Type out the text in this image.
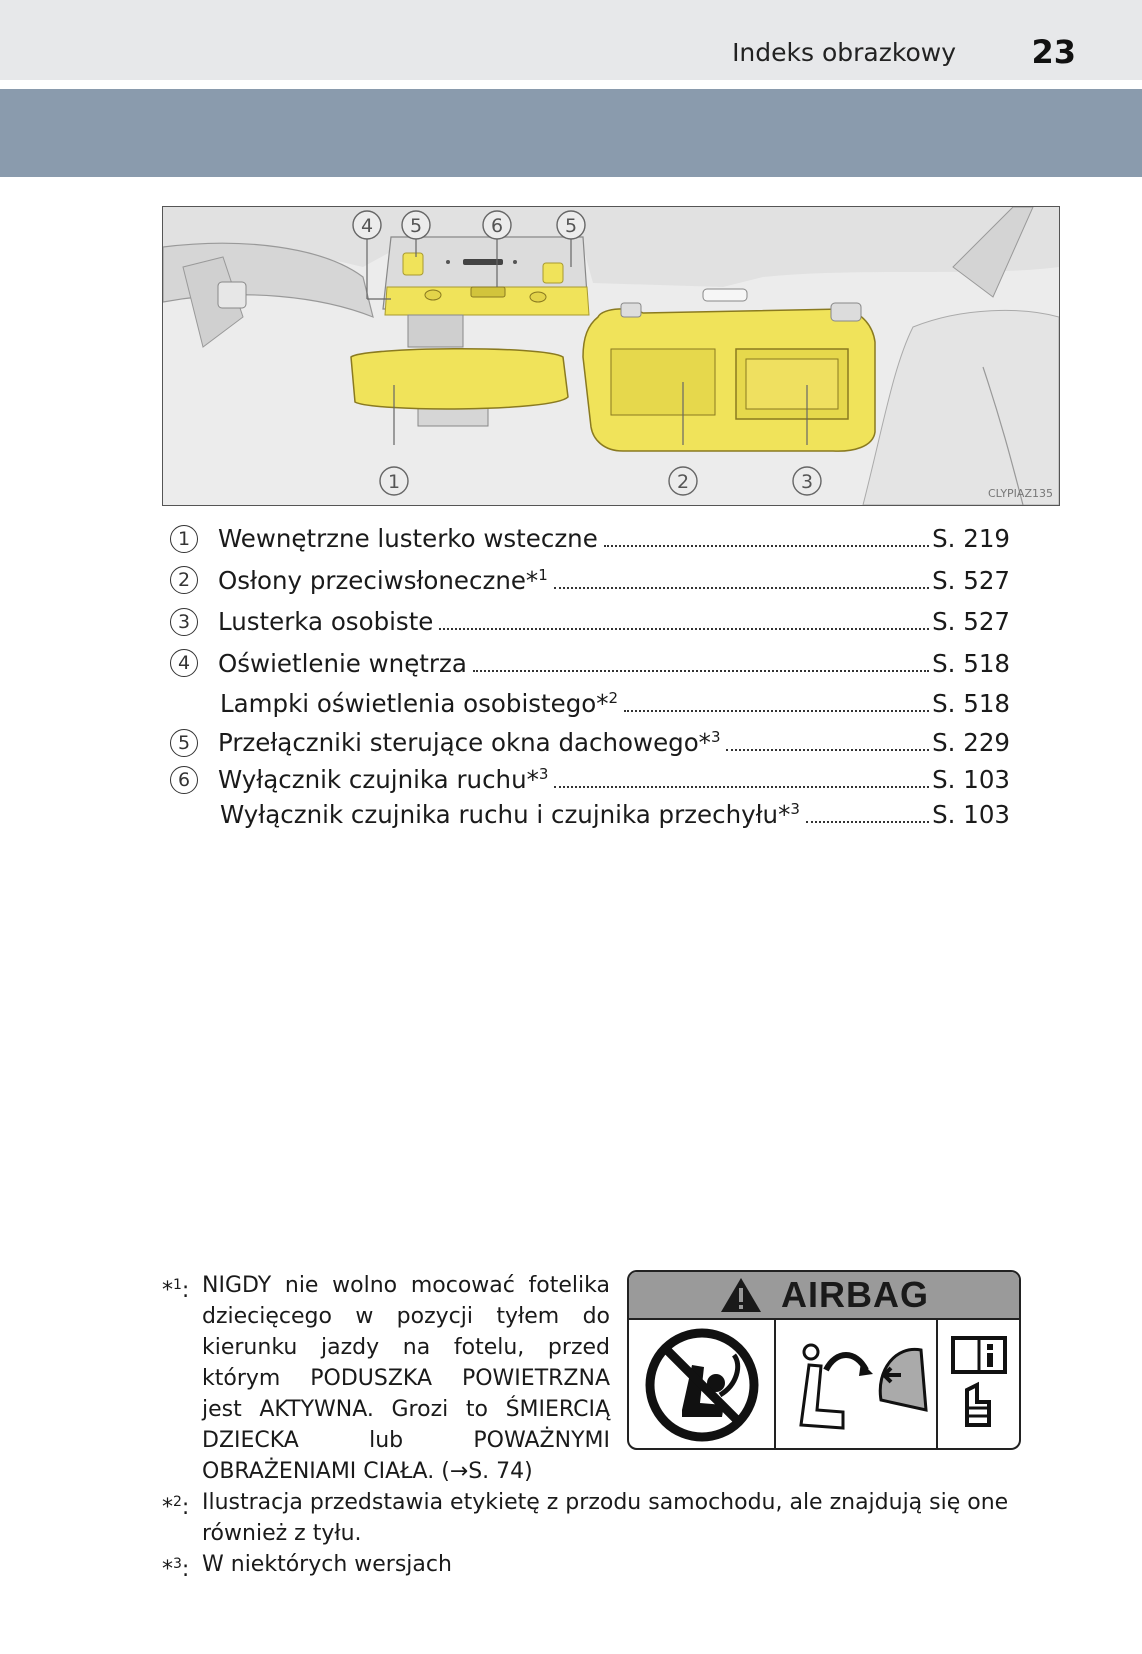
Indeks obrazkowy 23
4 5	6	5
1	2	3
CLYPIAZ135
1	Wewnętrzne lusterko wsteczne	S. 219
2	Osłony przeciwsłoneczne*$^1$	S. 527
3	Lusterka osobiste	S. 527
4	Oświetlenie wnętrza	S. 518
Lampki oświetlenia osobistego*$^2$	S. 518
5	Przełączniki sterujące okna dachowego*$^3$	S. 229
6	Wyłącznik czujnika ruchu*$^3$	S. 103
Wyłącznik czujnika ruchu i czujnika przechyłu*$^3$	S. 103
*$^1$: NIGDY nie wolno mocować fotelika dziecięcego w pozycji tyłem do kierunku jazdy na fotelu, przed którym PODUSZKA POWIETRZNA jest AKTYWNA. Grozi to ŚMIERCIĄ DZIECKA lub POWAŻNYMI OBRAŻENIAMI CIAŁA. (→S. 74)
*$^2$: Ilustracja przedstawia etykietę z przodu samochodu, ale znajdują się one również z tyłu.
*$^3$: W niektórych wersjach
AIRBAG
